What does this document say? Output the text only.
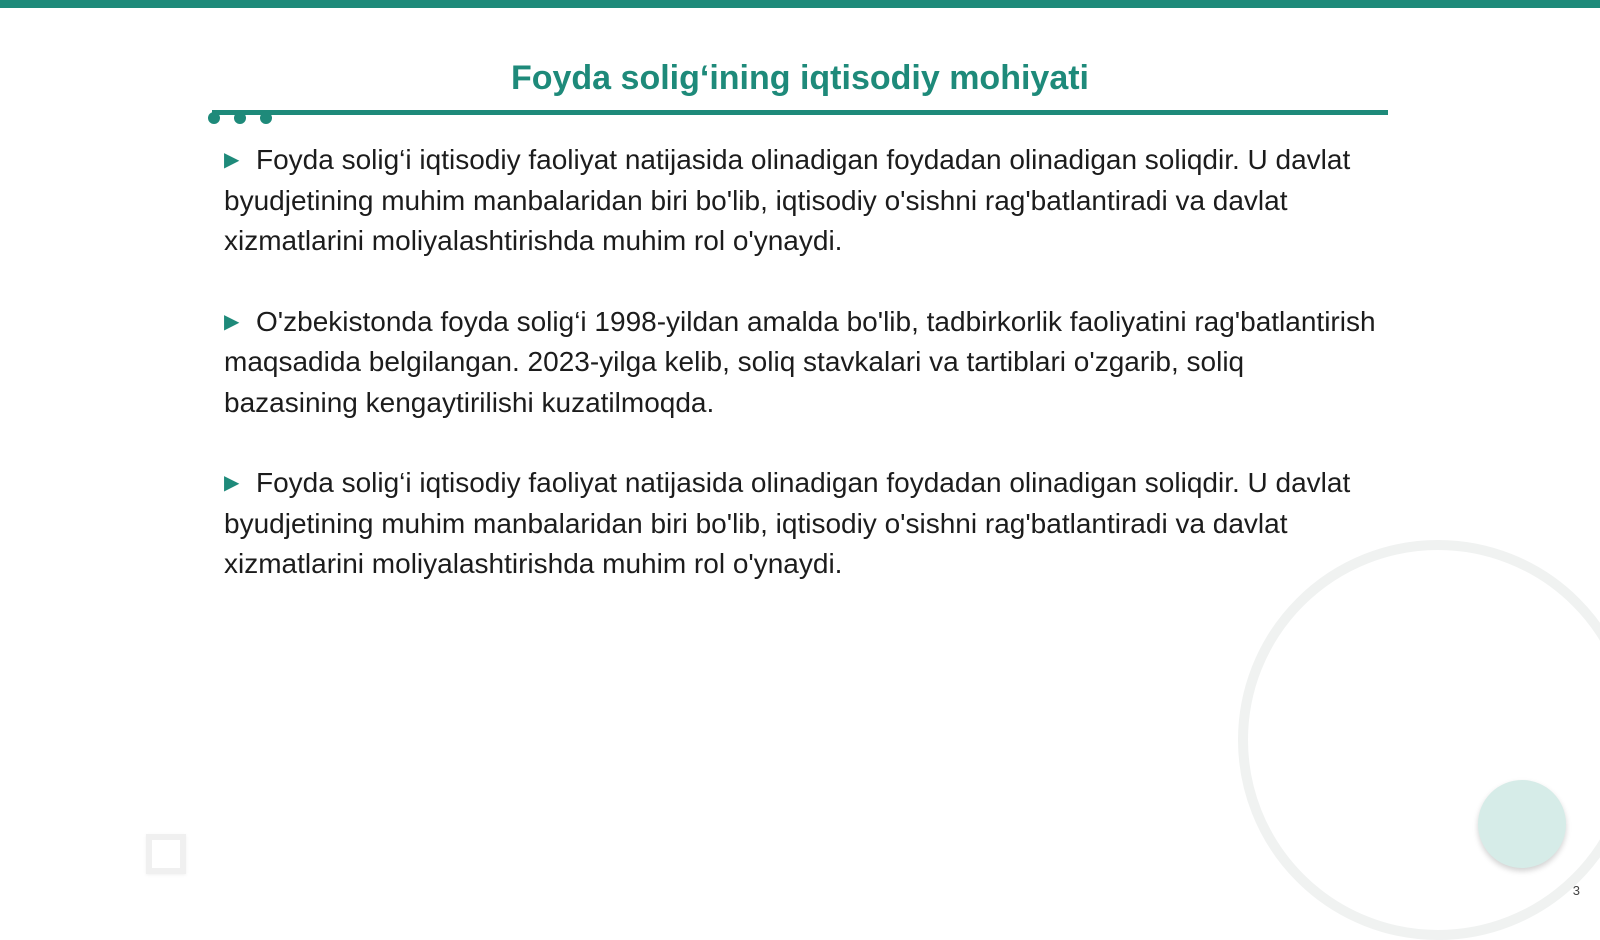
Foyda solig‘ining iqtisodiy mohiyati

▶ Foyda solig‘i iqtisodiy faoliyat natijasida olinadigan foydadan olinadigan soliqdir. U davlat byudjetining muhim manbalaridan biri bo'lib, iqtisodiy o'sishni rag'batlantiradi va davlat xizmatlarini moliyalashtirishda muhim rol o'ynaydi.

▶ O'zbekistonda foyda solig‘i 1998-yildan amalda bo'lib, tadbirkorlik faoliyatini rag'batlantirish maqsadida belgilangan. 2023-yilga kelib, soliq stavkalari va tartiblari o'zgarib, soliq bazasining kengaytirilishi kuzatilmoqda.

▶ Foyda solig‘i iqtisodiy faoliyat natijasida olinadigan foydadan olinadigan soliqdir. U davlat byudjetining muhim manbalaridan biri bo'lib, iqtisodiy o'sishni rag'batlantiradi va davlat xizmatlarini moliyalashtirishda muhim rol o'ynaydi.

3
